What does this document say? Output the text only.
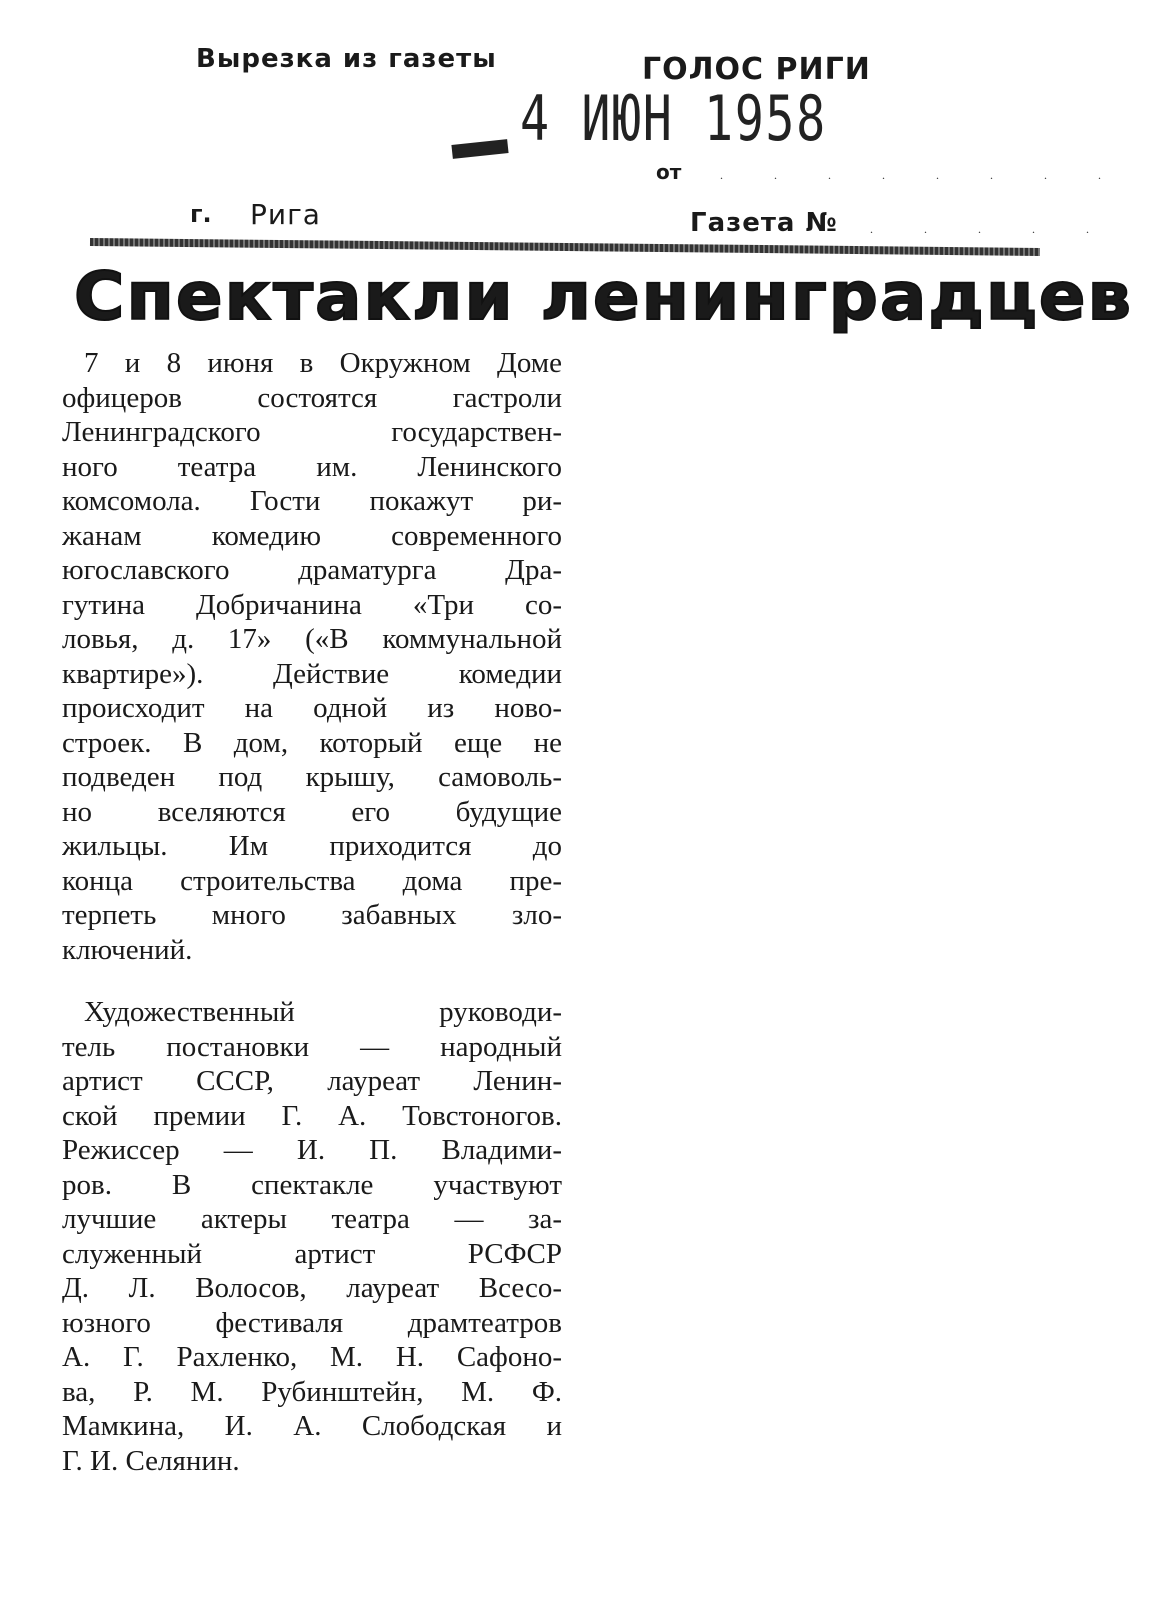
Вырезка из газеты	ГОЛОС РИГИ
4 ИЮН 1958
от	. . . . . . . .
г. Рига	Газета №	. . . . .
Спектакли ленинградцев
7 и 8 июня в Окружном Доме
офицеров состоятся гастроли
Ленинградского государствен-
ного театра им. Ленинского
комсомола. Гости покажут ри-
жанам комедию современного
югославского драматурга Дра-
гутина Добричанина «Три со-
ловья, д. 17» («В коммунальной
квартире»). Действие комедии
происходит на одной из ново-
строек. В дом, который еще не
подведен под крышу, самоволь-
но вселяются его будущие
жильцы. Им приходится до
конца строительства дома пре-
терпеть много забавных зло-
ключений.
Художественный руководи-
тель постановки — народный
артист СССР, лауреат Ленин-
ской премии Г. А. Товстоногов.
Режиссер — И. П. Владими-
ров. В спектакле участвуют
лучшие актеры театра — за-
служенный артист РСФСР
Д. Л. Волосов, лауреат Всесо-
юзного фестиваля драмтеатров
А. Г. Рахленко, М. Н. Сафоно-
ва, Р. М. Рубинштейн, М. Ф.
Мамкина, И. А. Слободская и
Г. И. Селянин.
